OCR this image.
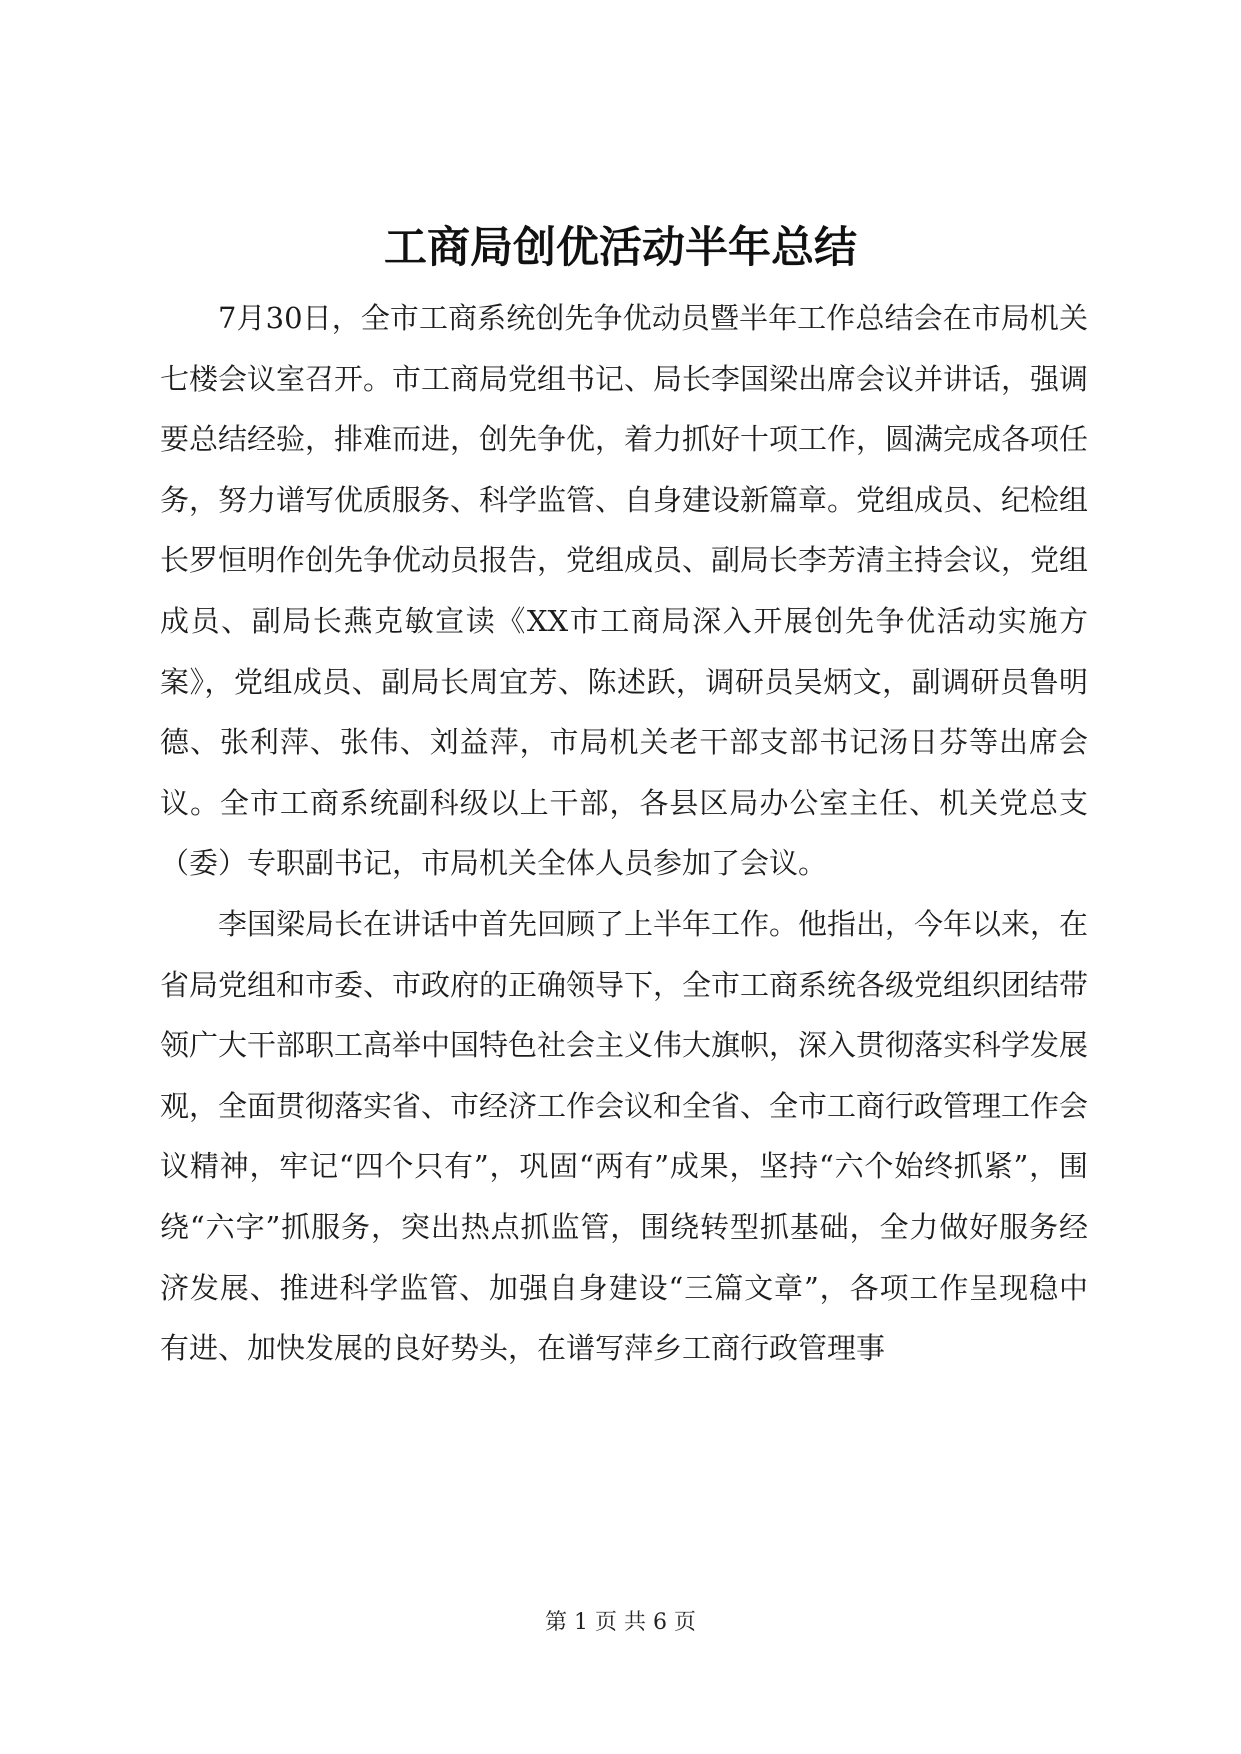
工商局创优活动半年总结

7月30日，全市工商系统创先争优动员暨半年工作总结会在市局机关七楼会议室召开。市工商局党组书记、局长李国梁出席会议并讲话，强调要总结经验，排难而进，创先争优，着力抓好十项工作，圆满完成各项任务，努力谱写优质服务、科学监管、自身建设新篇章。党组成员、纪检组长罗恒明作创先争优动员报告，党组成员、副局长李芳清主持会议，党组成员、副局长燕克敏宣读《XX市工商局深入开展创先争优活动实施方案》，党组成员、副局长周宜芳、陈述跃，调研员吴炳文，副调研员鲁明德、张利萍、张伟、刘益萍，市局机关老干部支部书记汤日芬等出席会议。全市工商系统副科级以上干部，各县区局办公室主任、机关党总支（委）专职副书记，市局机关全体人员参加了会议。

李国梁局长在讲话中首先回顾了上半年工作。他指出，今年以来，在省局党组和市委、市政府的正确领导下，全市工商系统各级党组织团结带领广大干部职工高举中国特色社会主义伟大旗帜，深入贯彻落实科学发展观，全面贯彻落实省、市经济工作会议和全省、全市工商行政管理工作会议精神，牢记“四个只有”，巩固“两有”成果，坚持“六个始终抓紧”，围绕“六字”抓服务，突出热点抓监管，围绕转型抓基础，全力做好服务经济发展、推进科学监管、加强自身建设“三篇文章”，各项工作呈现稳中有进、加快发展的良好势头，在谱写萍乡工商行政管理事

第 1 页 共 6 页
